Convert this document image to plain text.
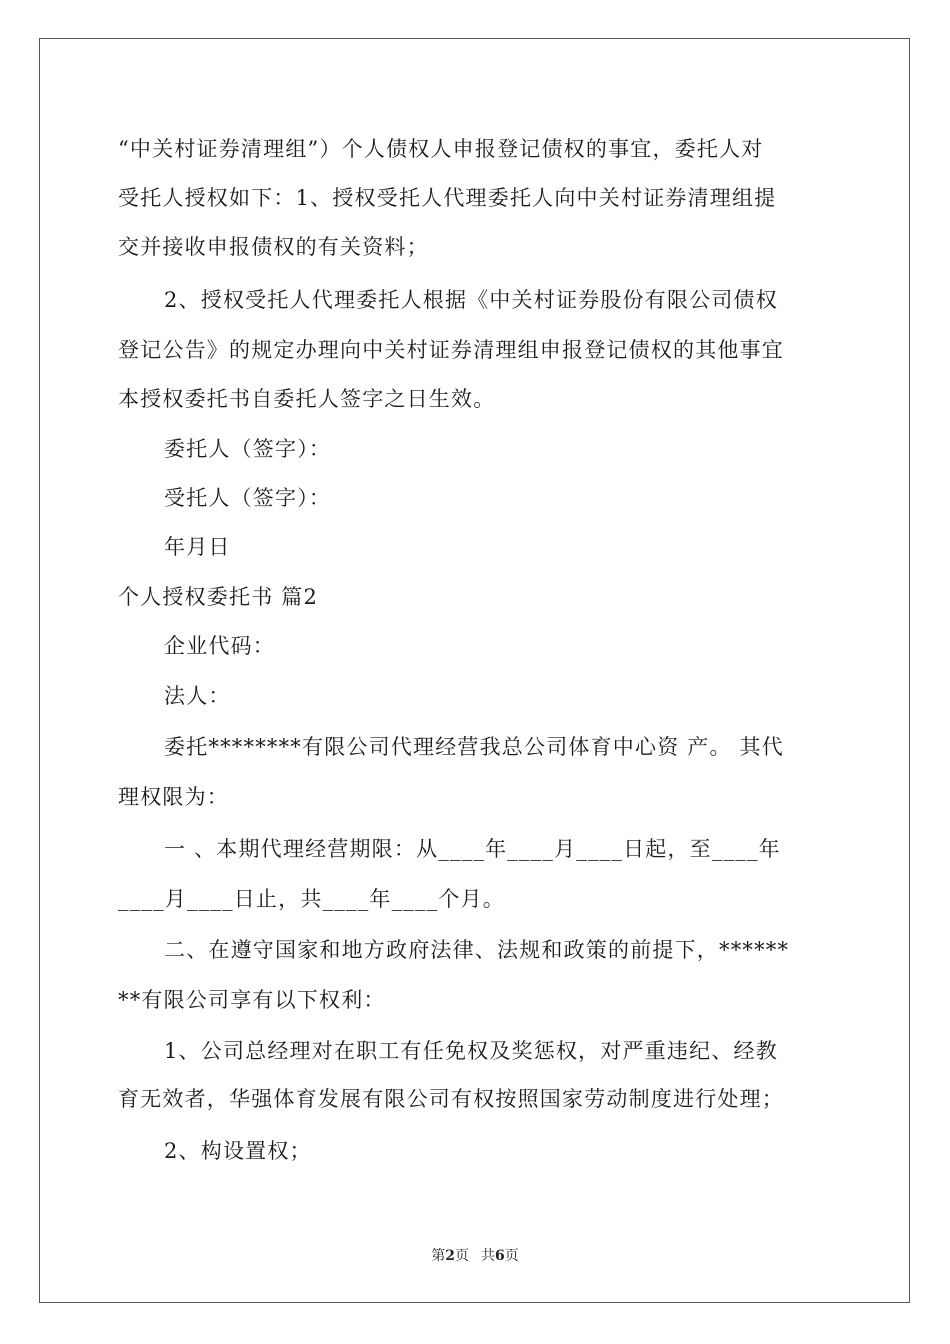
“中关村证券清理组”）个人债权人申报登记债权的事宜，委托人对
受托人授权如下：1、授权受托人代理委托人向中关村证券清理组提
交并接收申报债权的有关资料；
2、授权受托人代理委托人根据《中关村证券股份有限公司债权
登记公告》的规定办理向中关村证券清理组申报登记债权的其他事宜
本授权委托书自委托人签字之日生效。
委托人（签字）：
受托人（签字）：
年月日
个人授权委托书 篇2
企业代码：
法人：
委托********有限公司代理经营我总公司体育中心资 产。 其代
理权限为：
一 、本期代理经营期限：从____年____月____日起，至____年
____月____日止，共____年____个月。
二、在遵守国家和地方政府法律、法规和政策的前提下，******
**有限公司享有以下权利：
1、公司总经理对在职工有任免权及奖惩权，对严重违纪、经教
育无效者，华强体育发展有限公司有权按照国家劳动制度进行处理；
2、构设置权；
第2页 共6页
